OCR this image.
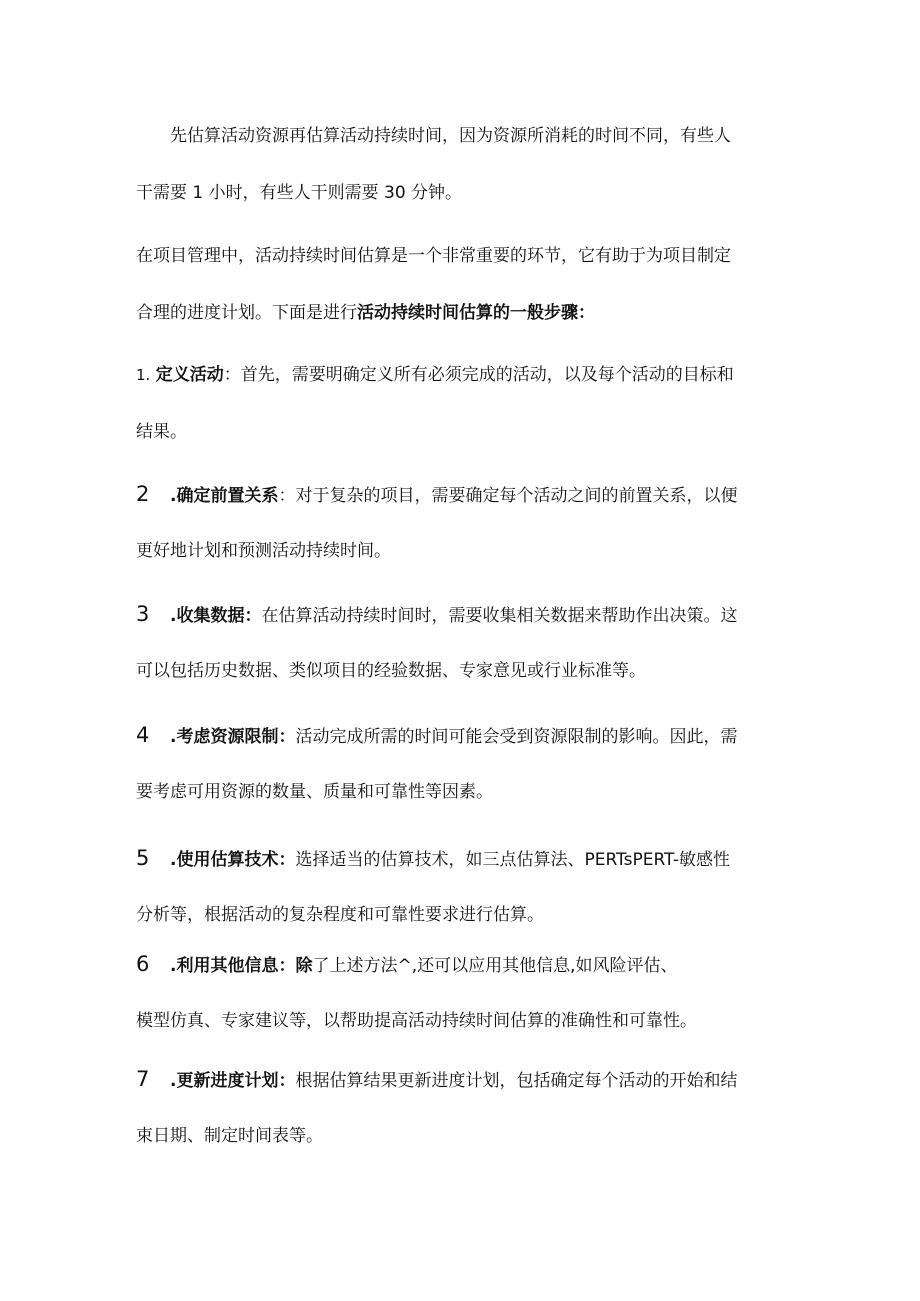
先估算活动资源再估算活动持续时间，因为资源所消耗的时间不同，有些人
干需要 1 小时，有些人干则需要 30 分钟。

在项目管理中，活动持续时间估算是一个非常重要的环节，它有助于为项目制定
合理的进度计划。下面是进行活动持续时间估算的一般步骤：

1. 定义活动：首先，需要明确定义所有必须完成的活动，以及每个活动的目标和
结果。

2 .确定前置关系：对于复杂的项目，需要确定每个活动之间的前置关系，以便
更好地计划和预测活动持续时间。

3 .收集数据：在估算活动持续时间时，需要收集相关数据来帮助作出决策。这
可以包括历史数据、类似项目的经验数据、专家意见或行业标准等。

4 .考虑资源限制：活动完成所需的时间可能会受到资源限制的影响。因此，需
要考虑可用资源的数量、质量和可靠性等因素。

5 .使用估算技术：选择适当的估算技术，如三点估算法、PERTsPERT-敏感性
分析等，根据活动的复杂程度和可靠性要求进行估算。

6 .利用其他信息：除了上述方法^,还可以应用其他信息,如风险评估、
模型仿真、专家建议等，以帮助提高活动持续时间估算的准确性和可靠性。

7 .更新进度计划：根据估算结果更新进度计划，包括确定每个活动的开始和结
束日期、制定时间表等。
